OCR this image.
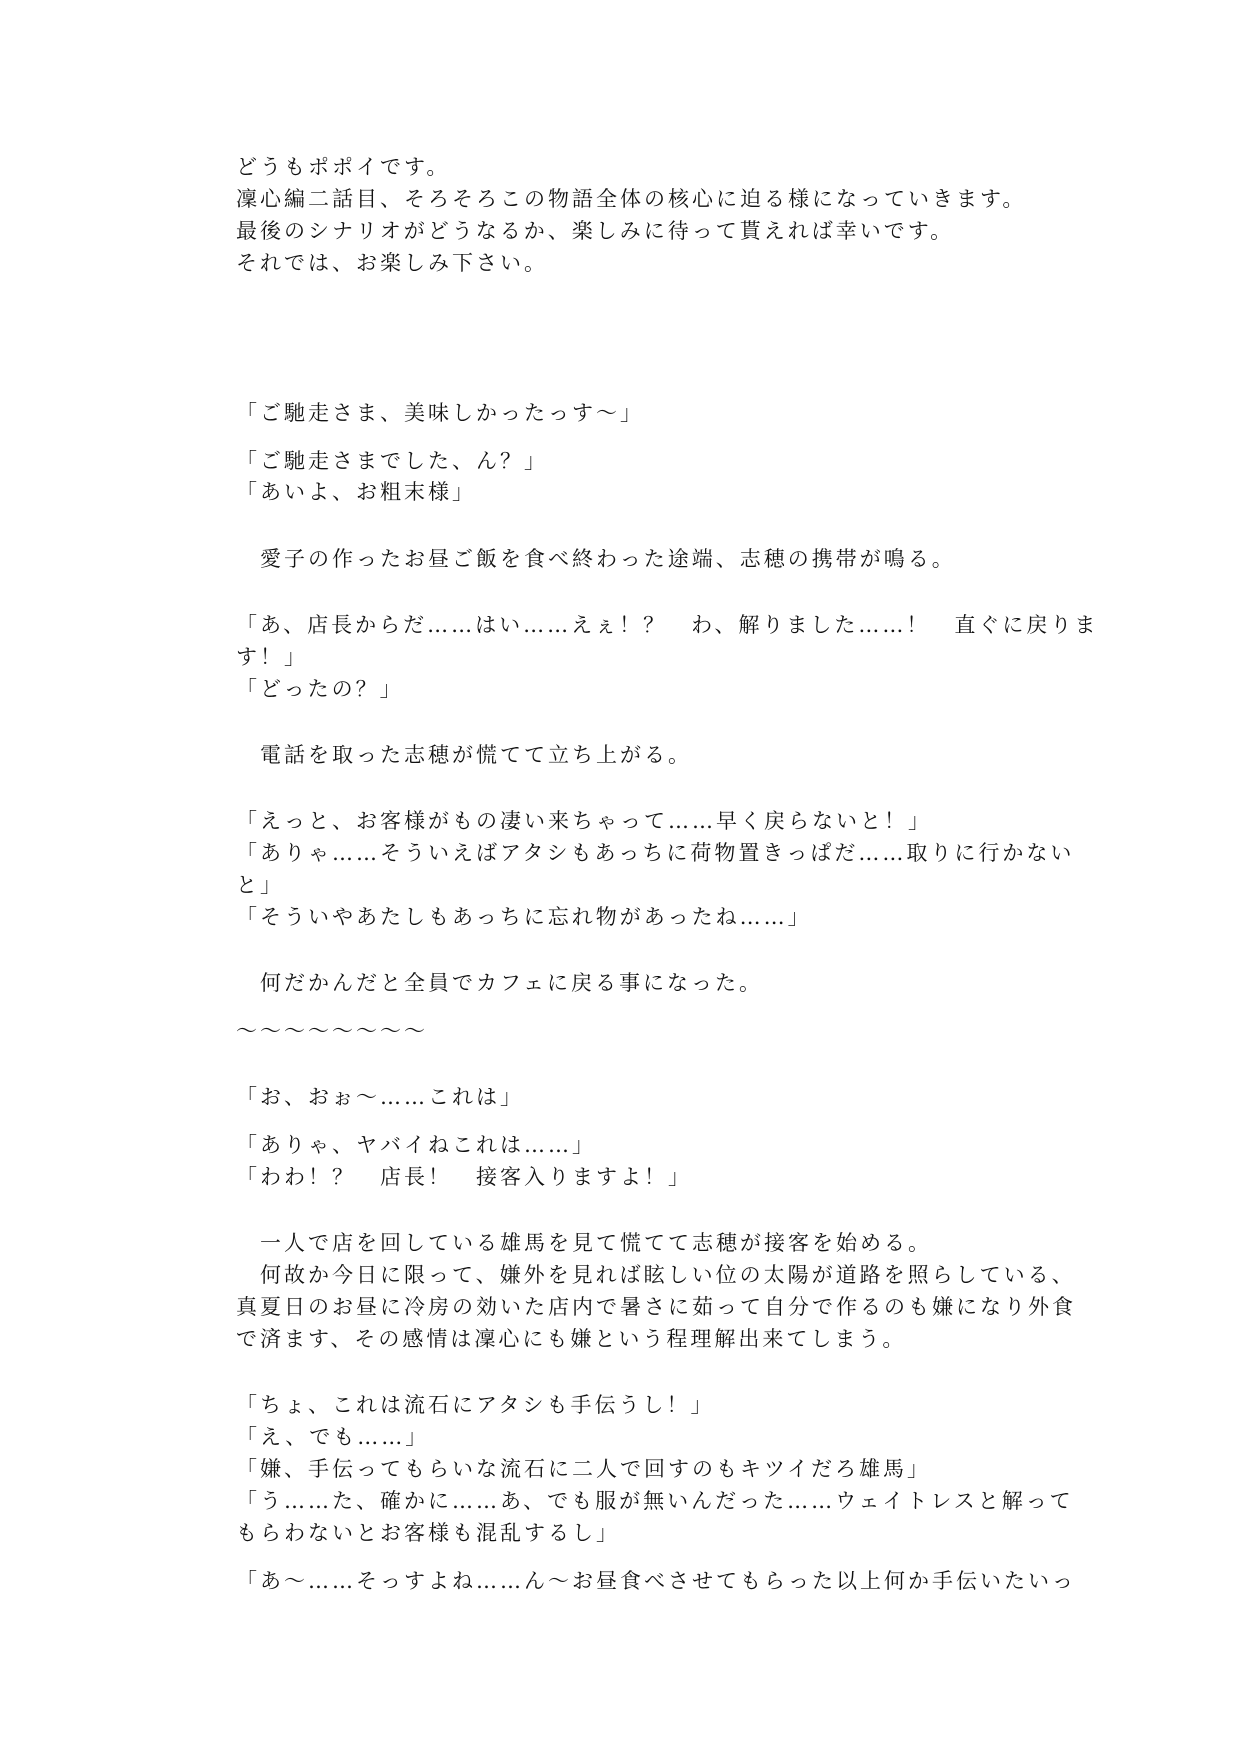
どうもポポイです。
凜心編二話目、そろそろこの物語全体の核心に迫る様になっていきます。
最後のシナリオがどうなるか、楽しみに待って貰えれば幸いです。
それでは、お楽しみ下さい。
「ご馳走さま、美味しかったっす〜」
「ご馳走さまでした、ん？」
「あいよ、お粗末様」
　愛子の作ったお昼ご飯を食べ終わった途端、志穂の携帯が鳴る。
「あ、店長からだ……はい……えぇ！？　わ、解りました……！　直ぐに戻りま
す！」
「どったの？」
　電話を取った志穂が慌てて立ち上がる。
「えっと、お客様がもの凄い来ちゃって……早く戻らないと！」
「ありゃ……そういえばアタシもあっちに荷物置きっぱだ……取りに行かない
と」
「そういやあたしもあっちに忘れ物があったね……」
　何だかんだと全員でカフェに戻る事になった。
〜〜〜〜〜〜〜〜
「お、おぉ〜……これは」
「ありゃ、ヤバイねこれは……」
「わわ！？　店長！　接客入りますよ！」
　一人で店を回している雄馬を見て慌てて志穂が接客を始める。
　何故か今日に限って、嫌外を見れば眩しい位の太陽が道路を照らしている、
真夏日のお昼に冷房の効いた店内で暑さに茹って自分で作るのも嫌になり外食
で済ます、その感情は凜心にも嫌という程理解出来てしまう。
「ちょ、これは流石にアタシも手伝うし！」
「え、でも……」
「嫌、手伝ってもらいな流石に二人で回すのもキツイだろ雄馬」
「う……た、確かに……あ、でも服が無いんだった……ウェイトレスと解って
もらわないとお客様も混乱するし」
「あ〜……そっすよね……ん〜お昼食べさせてもらった以上何か手伝いたいっ
